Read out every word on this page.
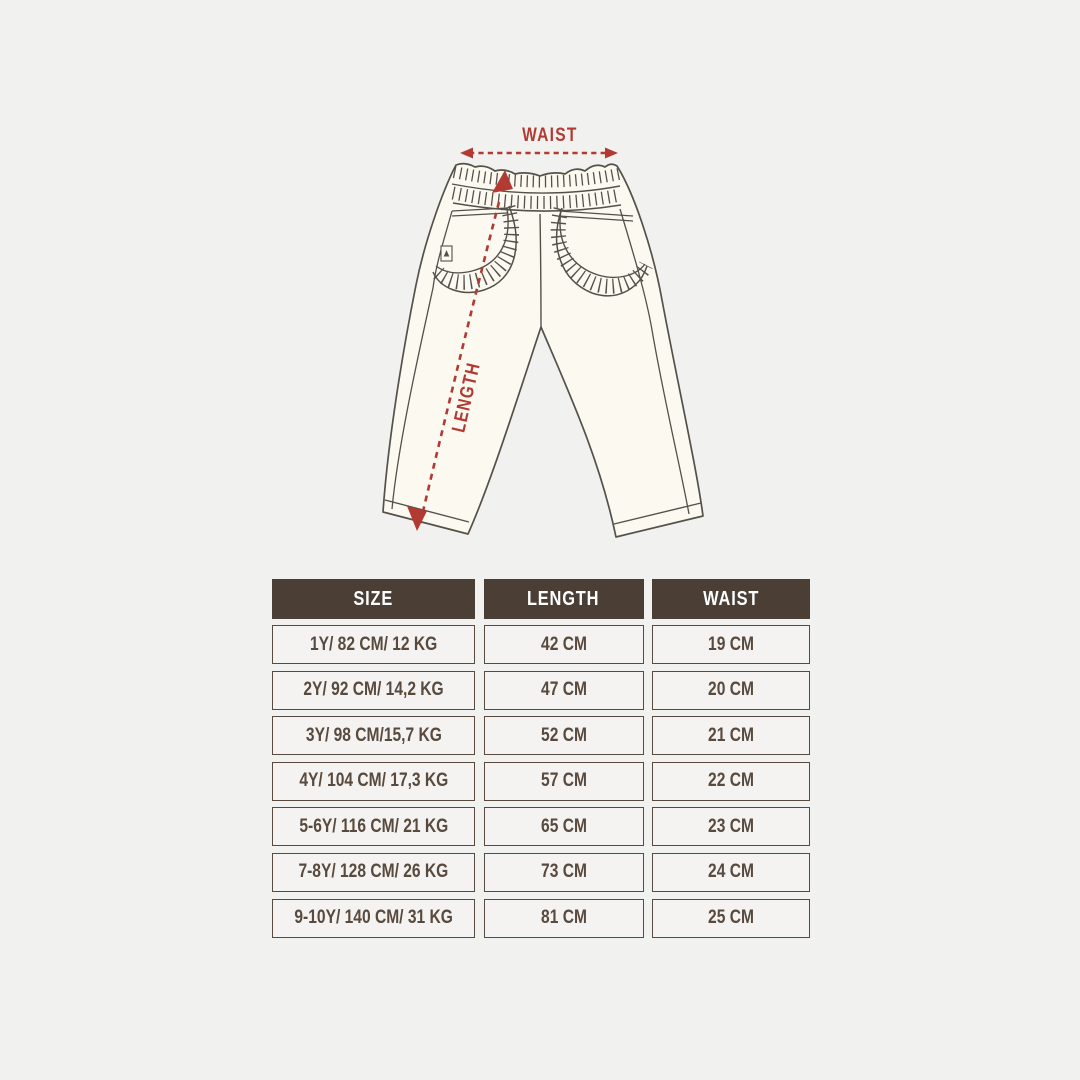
WAIST
LENGTH
SIZE	LENGTH	WAIST
1Y/ 82 CM/ 12 KG	42 CM	19 CM
2Y/ 92 CM/ 14,2 KG	47 CM	20 CM
3Y/ 98 CM/15,7 KG	52 CM	21 CM
4Y/ 104 CM/ 17,3 KG	57 CM	22 CM
5-6Y/ 116 CM/ 21 KG	65 CM	23 CM
7-8Y/ 128 CM/ 26 KG	73 CM	24 CM
9-10Y/ 140 CM/ 31 KG	81 CM	25 CM
